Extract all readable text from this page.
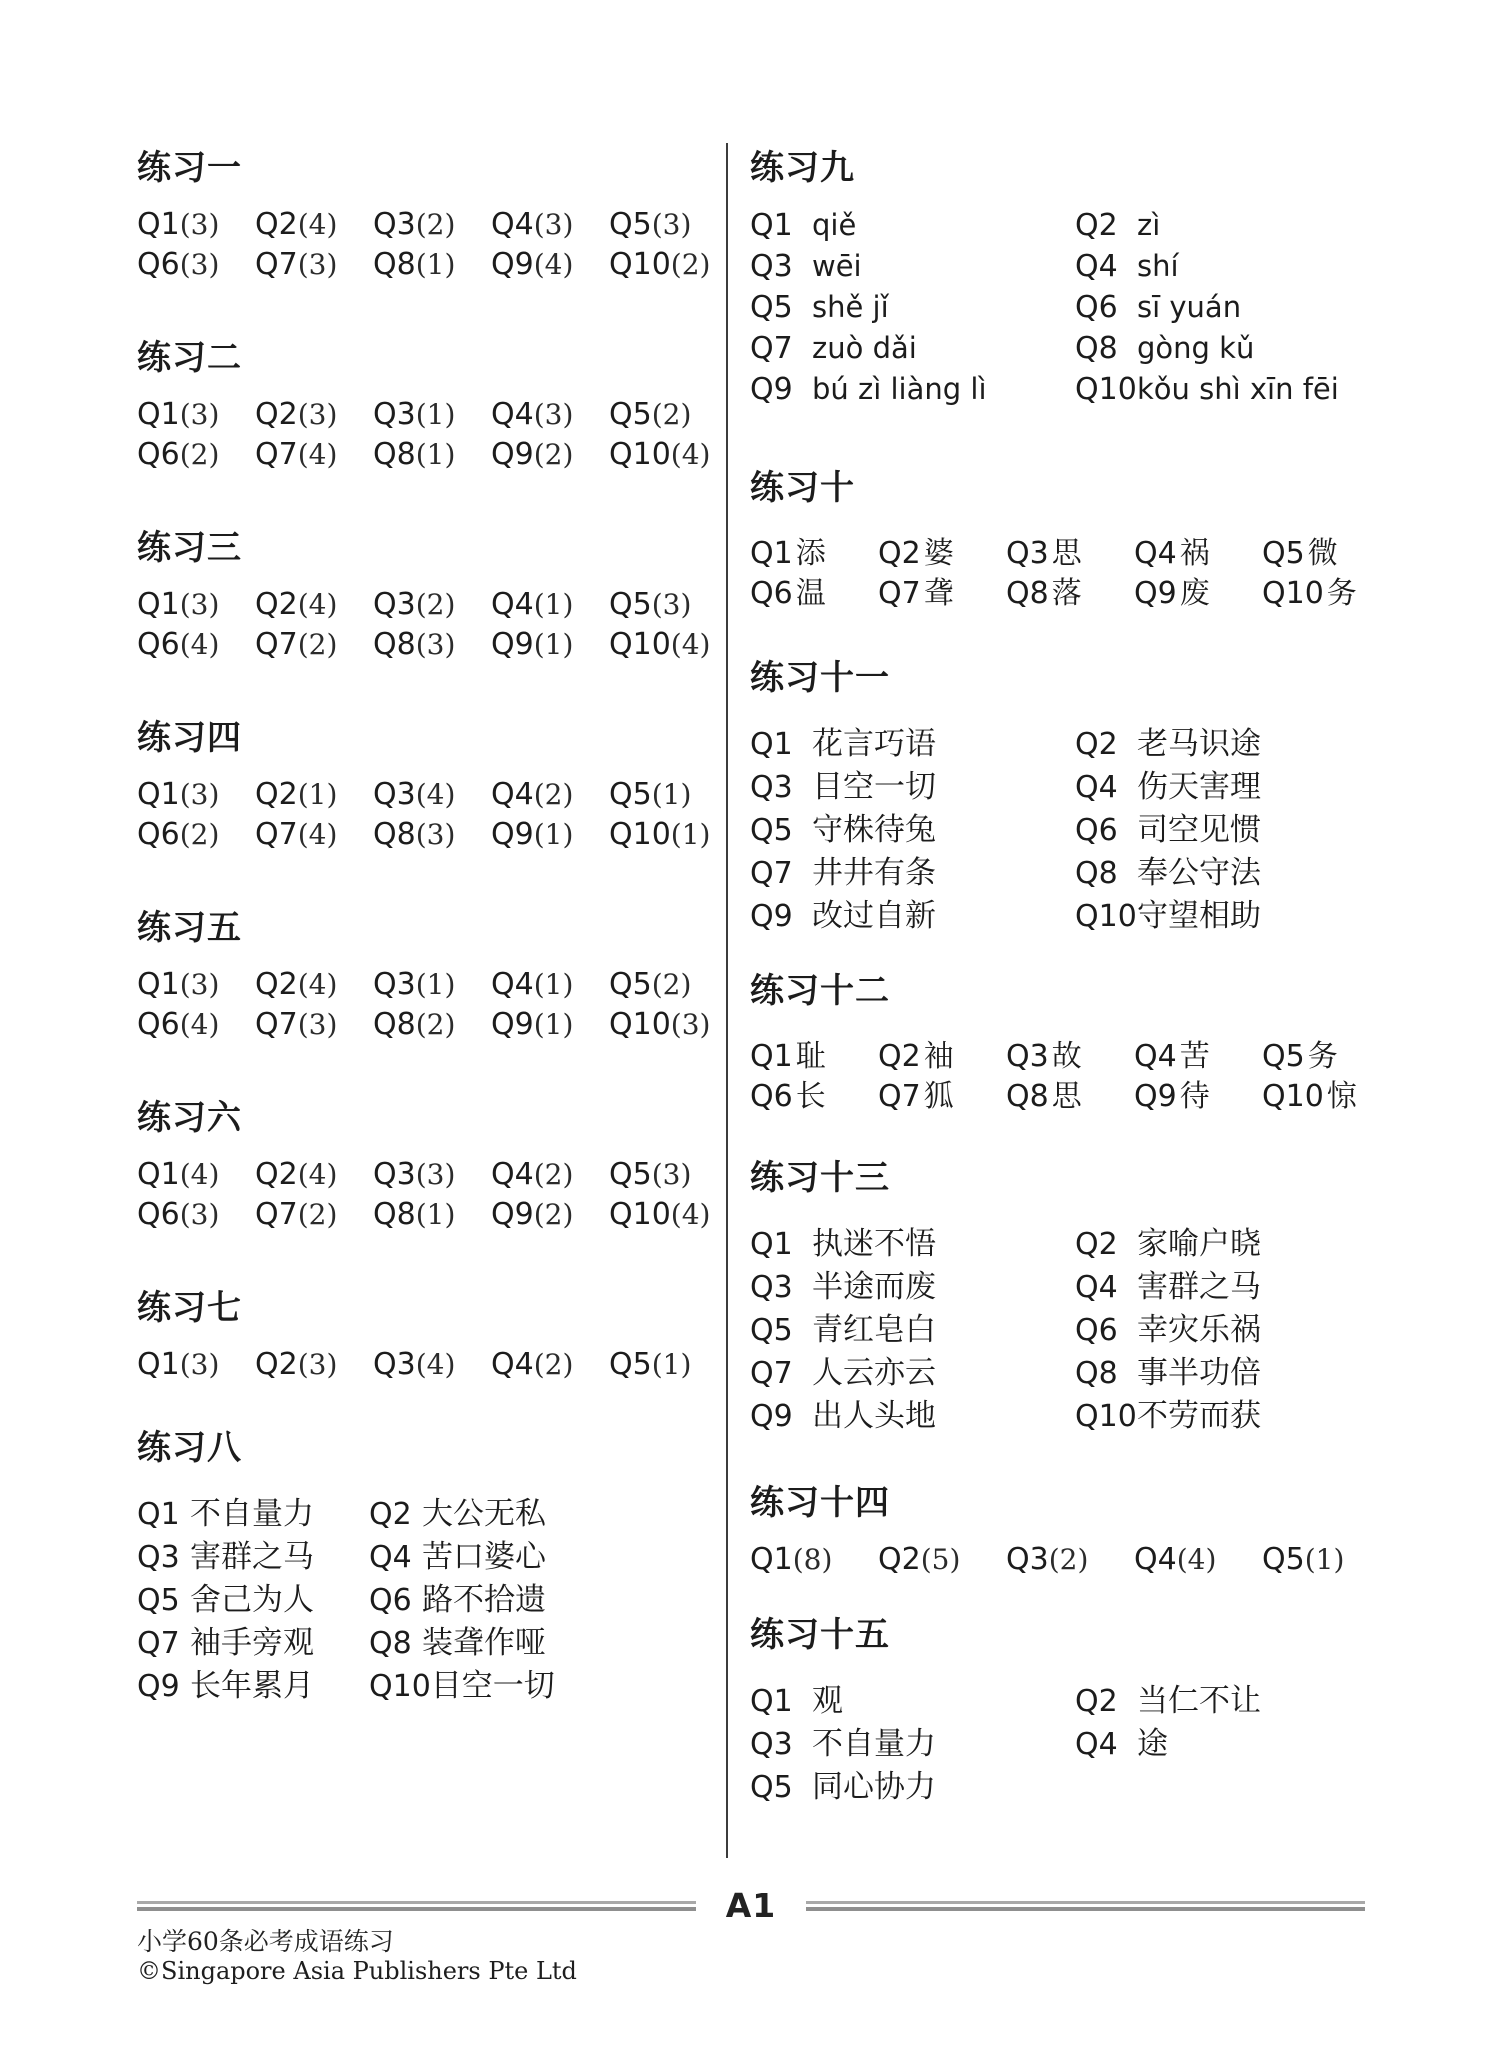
练习一
Q1 (3) Q2 (4) Q3 (2) Q4 (3) Q5 (3)
Q6 (3) Q7 (3) Q8 (1) Q9 (4) Q10 (2)
练习二
Q1 (3) Q2 (3) Q3 (1) Q4 (3) Q5 (2)
Q6 (2) Q7 (4) Q8 (1) Q9 (2) Q10 (4)
练习三
Q1 (3) Q2 (4) Q3 (2) Q4 (1) Q5 (3)
Q6 (4) Q7 (2) Q8 (3) Q9 (1) Q10 (4)
练习四
Q1 (3) Q2 (1) Q3 (4) Q4 (2) Q5 (1)
Q6 (2) Q7 (4) Q8 (3) Q9 (1) Q10 (1)
练习五
Q1 (3) Q2 (4) Q3 (1) Q4 (1) Q5 (2)
Q6 (4) Q7 (3) Q8 (2) Q9 (1) Q10 (3)
练习六
Q1 (4) Q2 (4) Q3 (3) Q4 (2) Q5 (3)
Q6 (3) Q7 (2) Q8 (1) Q9 (2) Q10 (4)
练习七
Q1 (3) Q2 (3) Q3 (4) Q4 (2) Q5 (1)
练习八
Q1 不自量力 Q2 大公无私
Q3 害群之马 Q4 苦口婆心
Q5 舍己为人 Q6 路不拾遗
Q7 袖手旁观 Q8 装聋作哑
Q9 长年累月 Q10 目空一切
练习九
Q1 qiě	Q2 zì
Q3 wēi	Q4 shí
Q5 shě jǐ	Q6 sī yuán
Q7 zuò dǎi	Q8 gòng kǔ
Q9 bú zì liàng lì	Q10 kǒu shì xīn fēi
练习十
Q1 添 Q2 婆 Q3 思 Q4 祸 Q5 微
Q6 温 Q7 聋 Q8 落 Q9 废 Q10 务
练习十一
Q1 花言巧语	Q2 老马识途
Q3 目空一切	Q4 伤天害理
Q5 守株待兔	Q6 司空见惯
Q7 井井有条	Q8 奉公守法
Q9 改过自新	Q10 守望相助
练习十二
Q1 耻 Q2 袖 Q3 故 Q4 苦 Q5 务
Q6 长 Q7 狐 Q8 思 Q9 待 Q10 惊
练习十三
Q1 执迷不悟	Q2 家喻户晓
Q3 半途而废	Q4 害群之马
Q5 青红皂白	Q6 幸灾乐祸
Q7 人云亦云	Q8 事半功倍
Q9 出人头地	Q10 不劳而获
练习十四
Q1 (8) Q2 (5) Q3 (2) Q4 (4) Q5 (1)
练习十五
Q1 观	Q2 当仁不让
Q3 不自量力	Q4 途
Q5 同心协力
A1
小学60条必考成语练习
©Singapore Asia Publishers Pte Ltd
